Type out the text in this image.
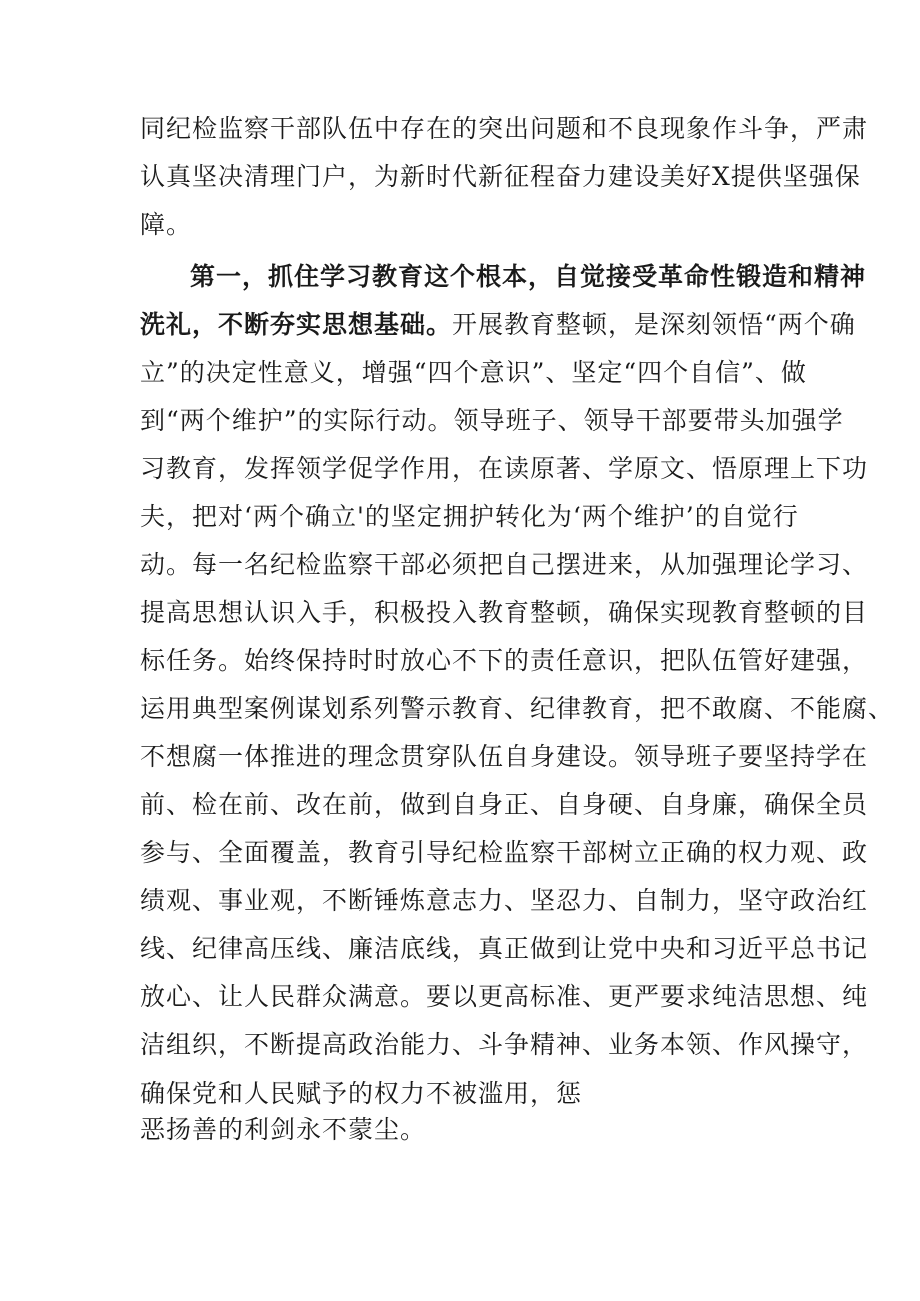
同纪检监察干部队伍中存在的突出问题和不良现象作斗争，严肃
认真坚决清理门户，为新时代新征程奋力建设美好X提供坚强保
障。
第一，抓住学习教育这个根本，自觉接受革命性锻造和精神
洗礼，不断夯实思想基础。开展教育整顿，是深刻领悟“两个确
立”的决定性意义，增强“四个意识”、坚定“四个自信”、做
到“两个维护”的实际行动。领导班子、领导干部要带头加强学
习教育，发挥领学促学作用，在读原著、学原文、悟原理上下功
夫，把对‘两个确立'的坚定拥护转化为‘两个维护’的自觉行
动。每一名纪检监察干部必须把自己摆进来，从加强理论学习、
提高思想认识入手，积极投入教育整顿，确保实现教育整顿的目
标任务。始终保持时时放心不下的责任意识，把队伍管好建强，
运用典型案例谋划系列警示教育、纪律教育，把不敢腐、不能腐、
不想腐一体推进的理念贯穿队伍自身建设。领导班子要坚持学在
前、检在前、改在前，做到自身正、自身硬、自身廉，确保全员
参与、全面覆盖，教育引导纪检监察干部树立正确的权力观、政
绩观、事业观，不断锤炼意志力、坚忍力、自制力，坚守政治红
线、纪律高压线、廉洁底线，真正做到让党中央和习近平总书记
放心、让人民群众满意。要以更高标准、更严要求纯洁思想、纯
洁组织，不断提高政治能力、斗争精神、业务本领、作风操守，
确保党和人民赋予的权力不被滥用，惩
恶扬善的利剑永不蒙尘。
